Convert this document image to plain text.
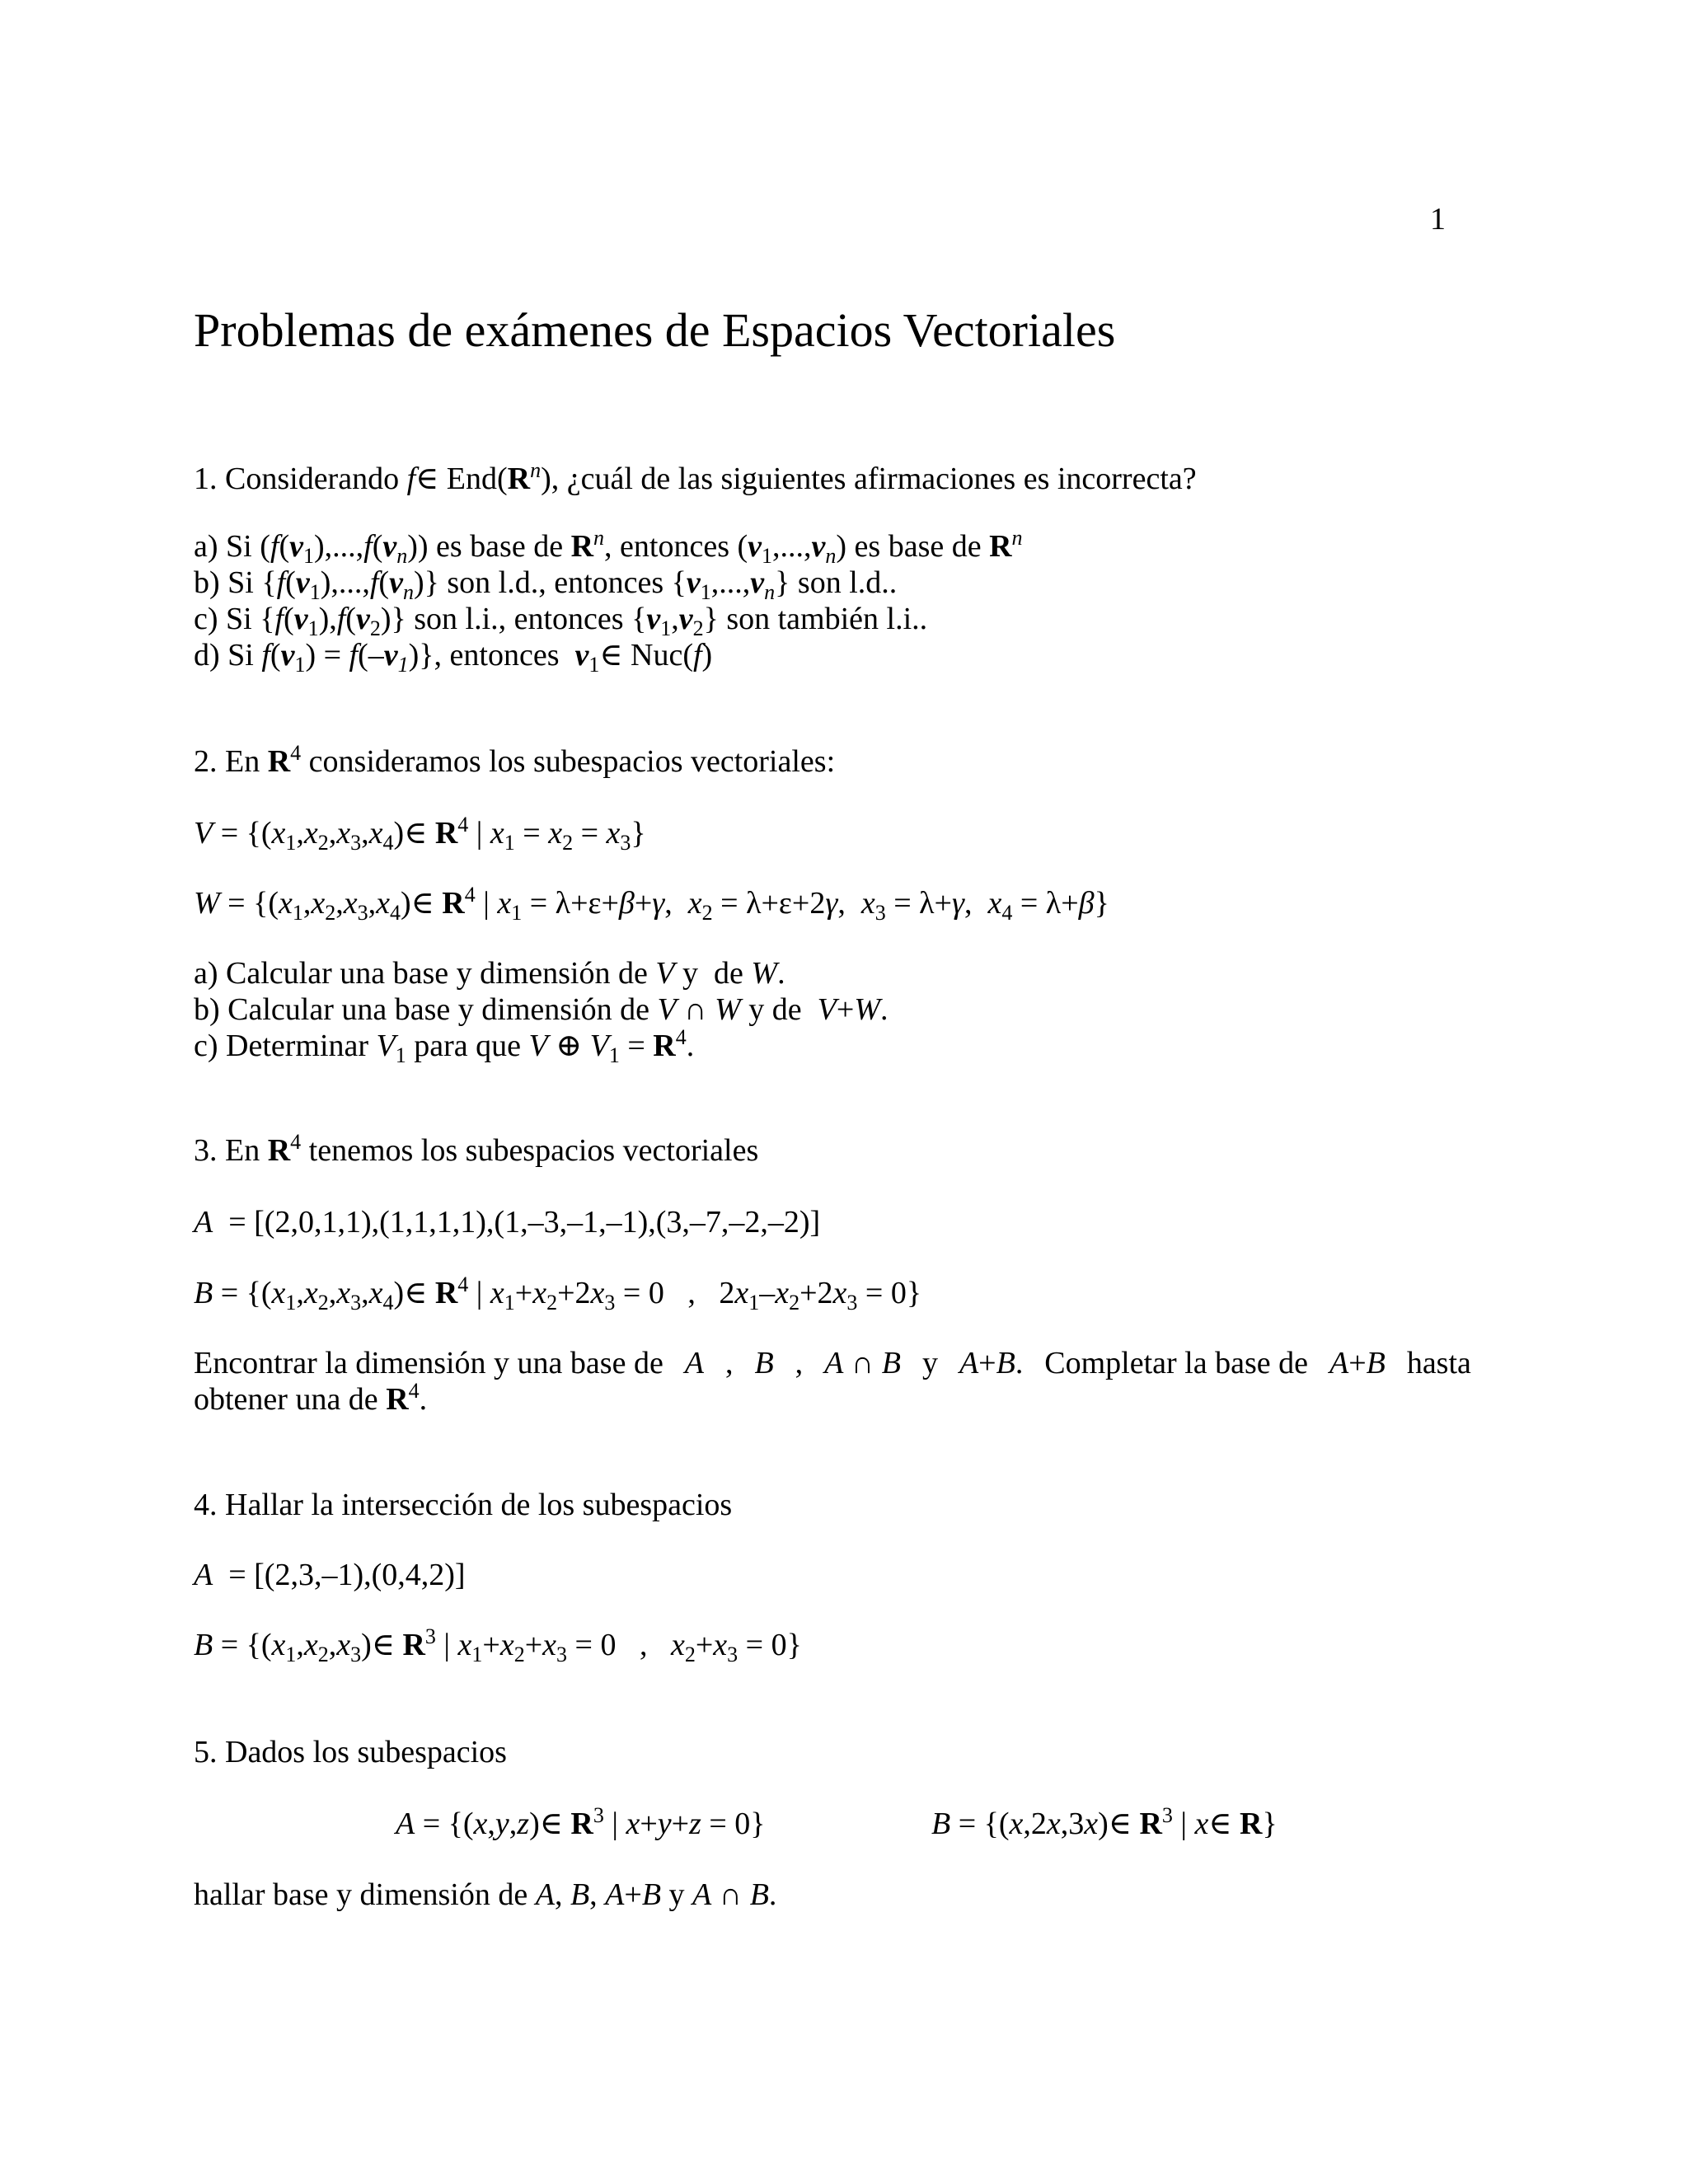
1
Problemas de exámenes de Espacios Vectoriales
1. Considerando f∈ $End(R^n)$, ¿cuál de las siguientes afirmaciones es incorrecta?
a) Si $(f(v_1),...,f(v_n))$ es base de $R^n$, entonces $(v_1,...,v_n)$ es base de $R^n$
b) Si $\{f(v_1),...,f(v_n)\}$ son l.d., entonces $\{v_1,...,v_n\}$ son l.d..
c) Si $\{f(v_1),f(v_2)\}$ son l.i., entonces $\{v_1,v_2\}$ son también l.i..
d) Si $f(v_1) = f(-v_1)$}, entonces $v_1\in$ Nuc(f)
2. En $R^4$ consideramos los subespacios vectoriales:
$V = \{(x_1,x_2,x_3,x_4)\in$ $R^4$ | $x_1 = x_2 = x_3$}
$W = \{(x_1,x_2,x_3,x_4)\in$ $R^4$ | $x_1 = \lambda+\varepsilon+\beta+\gamma$,  $x_2 = \lambda+\varepsilon+2\gamma$,  $x_3 = \lambda+\gamma$,  $x_4 = \lambda+\beta$}
a) Calcular una base y dimensión de V y  de W.
b) Calcular una base y dimensión de V ∩ W y de  V+W.
c) Determinar $V_1$ para que V ⊕ $V_1 = R^4$.
3. En $R^4$ tenemos los subespacios vectoriales
A  = [(2,0,1,1),(1,1,1,1),(1,–3,–1,–1),(3,–7,–2,–2)]
$B = \{(x_1,x_2,x_3,x_4)\in$ $R^4$ | $x_1+x_2+2x_3 = 0$   ,   $2x_1-x_2+2x_3 = 0$}
Encontrar la dimensión y una base de A , B , A ∩ B y A+B. Completar la base de A+B hasta
obtener una de $R^4$.
4. Hallar la intersección de los subespacios
A  = [(2,3,–1),(0,4,2)]
$B = \{(x_1,x_2,x_3)\in$ $R^3$ | $x_1+x_2+x_3 = 0$   ,   $x_2+x_3 = 0$}
5. Dados los subespacios
A = {(x,y,z)∈ $R^3$ | x+y+z = 0}	B = {(x,2x,3x)∈ $R^3$ | x∈ R}
hallar base y dimensión de A, B, A+B y A ∩ B.
